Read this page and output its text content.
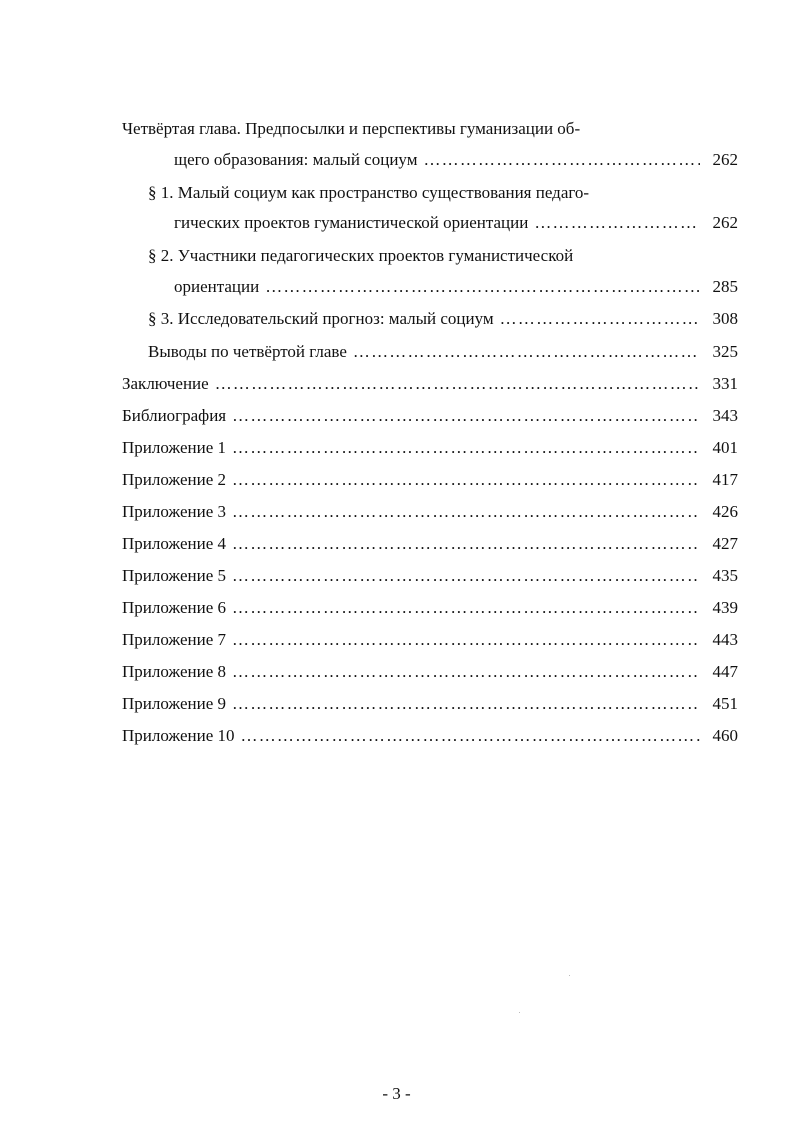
Четвёртая глава. Предпосылки и перспективы гуманизации об-
щего образования: малый социум ……………………………………………………………………………………………………………………	262
§ 1. Малый социум как пространство существования педаго-
гических проектов гуманистической ориентации ……………………………………………………………………………………………………………………	262
§ 2. Участники педагогических проектов гуманистической
ориентации ……………………………………………………………………………………………………………………	285
§ 3. Исследовательский прогноз: малый социум ……………………………………………………………………………………………………………………	308
Выводы по четвёртой главе ……………………………………………………………………………………………………………………	325
Заключение ……………………………………………………………………………………………………………………	331
Библиография ……………………………………………………………………………………………………………………	343
Приложение 1 ……………………………………………………………………………………………………………………	401
Приложение 2 ……………………………………………………………………………………………………………………	417
Приложение 3 ……………………………………………………………………………………………………………………	426
Приложение 4 ……………………………………………………………………………………………………………………	427
Приложение 5 ……………………………………………………………………………………………………………………	435
Приложение 6 ……………………………………………………………………………………………………………………	439
Приложение 7 ……………………………………………………………………………………………………………………	443
Приложение 8 ……………………………………………………………………………………………………………………	447
Приложение 9 ……………………………………………………………………………………………………………………	451
Приложение 10 ……………………………………………………………………………………………………………………	460
- 3 -
